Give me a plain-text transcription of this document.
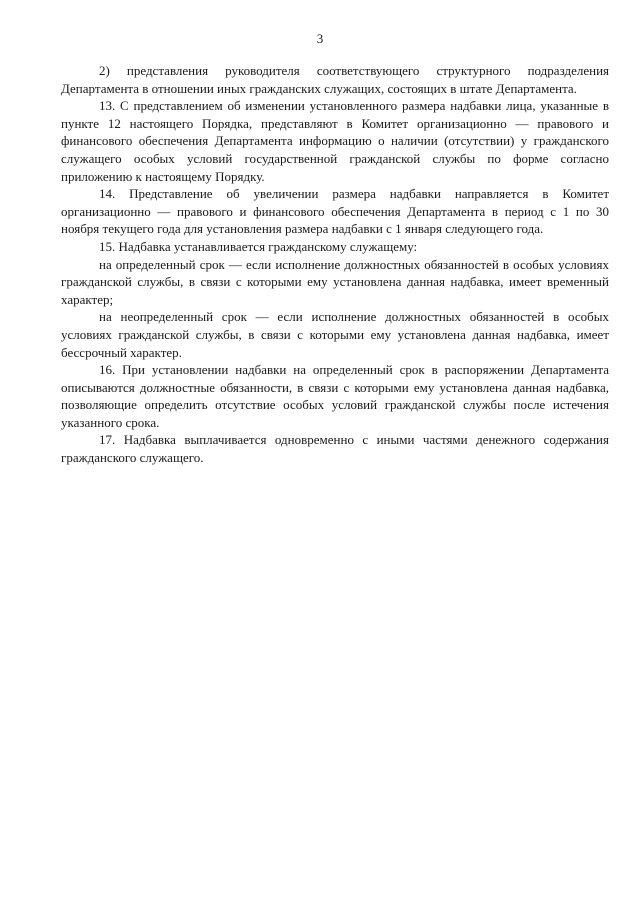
3

2) представления руководителя соответствующего структурного подразделения Департамента в отношении иных гражданских служащих, состоящих в штате Департамента.

13. С представлением об изменении установленного размера надбавки лица, указанные в пункте 12 настоящего Порядка, представляют в Комитет организационно — правового и финансового обеспечения Департамента информацию о наличии (отсутствии) у гражданского служащего особых условий государственной гражданской службы по форме согласно приложению к настоящему Порядку.

14. Представление об увеличении размера надбавки направляется в Комитет организационно — правового и финансового обеспечения Департамента в период с 1 по 30 ноября текущего года для установления размера надбавки с 1 января следующего года.

15. Надбавка устанавливается гражданскому служащему:

на определенный срок — если исполнение должностных обязанностей в особых условиях гражданской службы, в связи с которыми ему установлена данная надбавка, имеет временный характер;

на неопределенный срок — если исполнение должностных обязанностей в особых условиях гражданской службы, в связи с которыми ему установлена данная надбавка, имеет бессрочный характер.

16. При установлении надбавки на определенный срок в распоряжении Департамента описываются должностные обязанности, в связи с которыми ему установлена данная надбавка, позволяющие определить отсутствие особых условий гражданской службы после истечения указанного срока.

17. Надбавка выплачивается одновременно с иными частями денежного содержания гражданского служащего.
